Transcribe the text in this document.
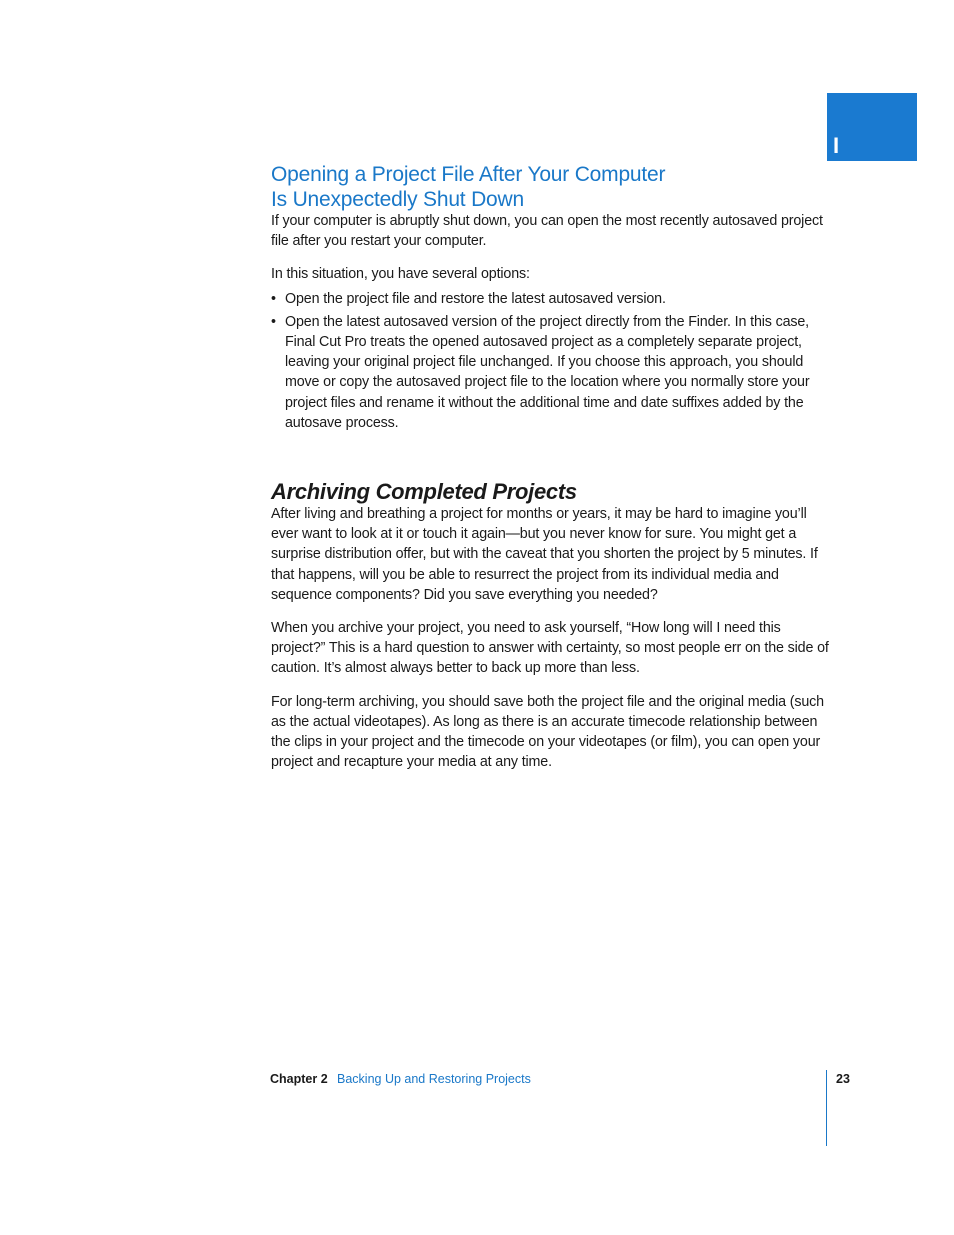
I
Opening a Project File After Your Computer
Is Unexpectedly Shut Down

If your computer is abruptly shut down, you can open the most recently autosaved project file after you restart your computer.

In this situation, you have several options:

• Open the project file and restore the latest autosaved version.
• Open the latest autosaved version of the project directly from the Finder. In this case, Final Cut Pro treats the opened autosaved project as a completely separate project, leaving your original project file unchanged. If you choose this approach, you should move or copy the autosaved project file to the location where you normally store your project files and rename it without the additional time and date suffixes added by the autosave process.
Archiving Completed Projects

After living and breathing a project for months or years, it may be hard to imagine you’ll ever want to look at it or touch it again—but you never know for sure. You might get a surprise distribution offer, but with the caveat that you shorten the project by 5 minutes. If that happens, will you be able to resurrect the project from its individual media and sequence components? Did you save everything you needed?

When you archive your project, you need to ask yourself, “How long will I need this project?” This is a hard question to answer with certainty, so most people err on the side of caution. It’s almost always better to back up more than less.

For long-term archiving, you should save both the project file and the original media (such as the actual videotapes). As long as there is an accurate timecode relationship between the clips in your project and the timecode on your videotapes (or film), you can open your project and recapture your media at any time.

Chapter 2 Backing Up and Restoring Projects	23
